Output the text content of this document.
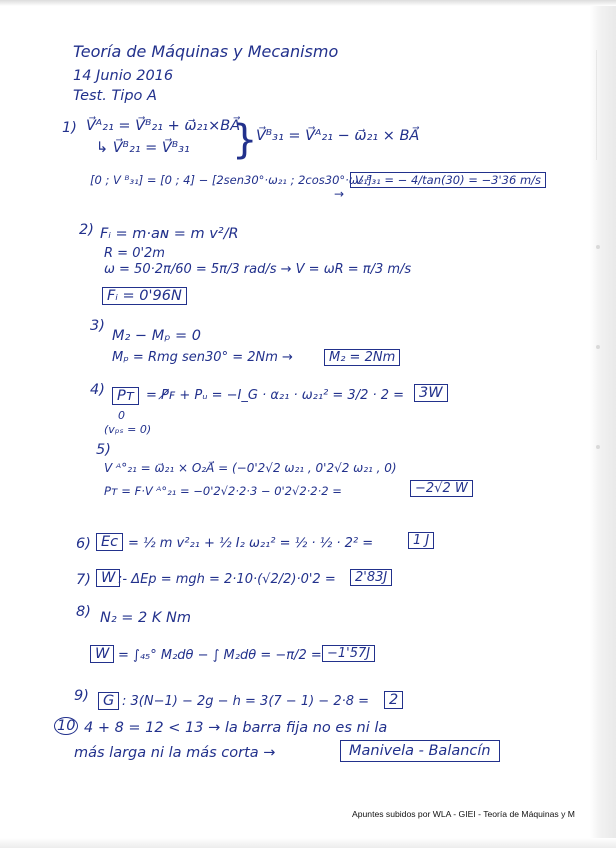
Teoría de Máquinas y Mecanismo
14 Junio 2016
Test. Tipo A
1) V⃗ᴬ₂₁ = V⃗ᴮ₂₁ + ω⃗₂₁×BA⃗
↳ V⃗ᴮ₂₁ = V⃗ᴮ₃₁ }
V⃗ᴮ₃₁ = V⃗ᴬ₂₁ − ω⃗₂₁ × BA⃗
[0 ; V ᴮ₃₁] = [0 ; 4] − [2sen30°·ω₂₁ ; 2cos30°·ω₂₁]
→
V ᴮ₃₁ = − 4/tan(30) = −3'36 m/s
2) Fᵢ = m·aɴ = m v²/R
R = 0'2m
ω = 50·2π/60 = 5π/3 rad/s → V = ωR = π/3 m/s
Fᵢ = 0'96N
3)
M₂ − Mₚ = 0
Mₚ = Rmg sen30° = 2Nm →	M₂ = 2Nm
4) Pᴛ = P̸ꜰ + Pᵤ = −I_G · α₂₁ · ω₂₁² = 3/2 · 2 =	3W
0
(vₚₛ = 0)
5)
V ᴬ°₂₁ = ω⃗₂₁ × O₂A⃗ = (−0'2√2 ω₂₁ , 0'2√2 ω₂₁ , 0)
Pᴛ = F·V ᴬ°₂₁ = −0'2√2·2·3 − 0'2√2·2·2 =	−2√2 W
6) Ec = ½ m v²₂₁ + ½ I₂ ω₂₁² = ½ · ½ · 2² =	1 J
7) W :- ΔEp = mgh = 2·10·(√2/2)·0'2 =	2'83J
8) N₂ = 2 K Nm
W = ∫₄₅° M₂dθ − ∫ M₂dθ = −π/2 = −1'57J
9) G : 3(N−1) − 2g − h = 3(7 − 1) − 2·8 =	2
10 4 + 8 = 12 < 13 → la barra fija no es ni la
más larga ni la más corta →	Manivela - Balancín
Apuntes subidos por WLA - GIEI - Teoría de Máquinas y M
